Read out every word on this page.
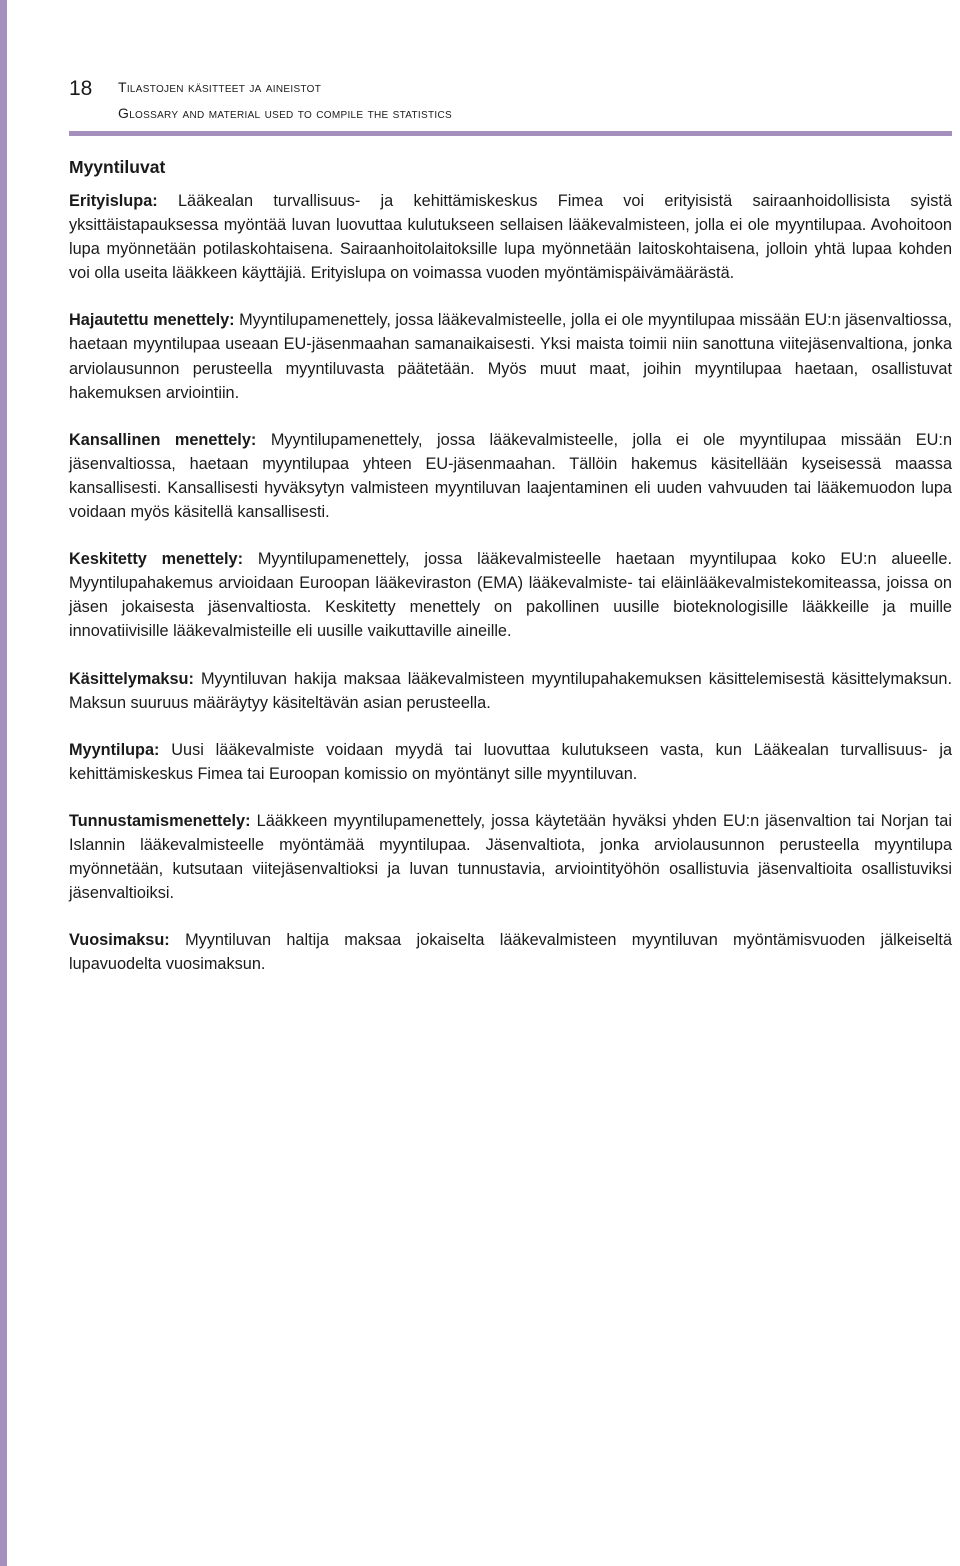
18 Tilastojen käsitteet ja aineistot
Glossary and material used to compile the statistics
Myyntiluvat

Erityislupa: Lääkealan turvallisuus- ja kehittämiskeskus Fimea voi erityisistä sairaanhoidollisista syistä yksittäistapauksessa myöntää luvan luovuttaa kulutukseen sellaisen lääkevalmisteen, jolla ei ole myyntilupaa. Avohoitoon lupa myönnetään potilaskohtaisena. Sairaanhoitolaitoksille lupa myönnetään laitoskohtaisena, jolloin yhtä lupaa kohden voi olla useita lääkkeen käyttäjiä. Erityislupa on voimassa vuoden myöntämispäivämäärästä.

Hajautettu menettely: Myyntilupamenettely, jossa lääkevalmisteelle, jolla ei ole myyntilupaa missään EU:n jäsenvaltiossa, haetaan myyntilupaa useaan EU-jäsenmaahan samanaikaisesti. Yksi maista toimii niin sanottuna viitejäsenvaltiona, jonka arviolausunnon perusteella myyntiluvasta päätetään. Myös muut maat, joihin myyntilupaa haetaan, osallistuvat hakemuksen arviointiin.

Kansallinen menettely: Myyntilupamenettely, jossa lääkevalmisteelle, jolla ei ole myyntilupaa missään EU:n jäsenvaltiossa, haetaan myyntilupaa yhteen EU-jäsenmaahan. Tällöin hakemus käsitellään kyseisessä maassa kansallisesti. Kansallisesti hyväksytyn valmisteen myyntiluvan laajentaminen eli uuden vahvuuden tai lääkemuodon lupa voidaan myös käsitellä kansallisesti.

Keskitetty menettely: Myyntilupamenettely, jossa lääkevalmisteelle haetaan myyntilupaa koko EU:n alueelle. Myyntilupahakemus arvioidaan Euroopan lääkeviraston (EMA) lääkevalmiste- tai eläinlääkevalmistekomiteassa, joissa on jäsen jokaisesta jäsenvaltiosta. Keskitetty menettely on pakollinen uusille bioteknologisille lääkkeille ja muille innovatiivisille lääkevalmisteille eli uusille vaikuttaville aineille.

Käsittelymaksu: Myyntiluvan hakija maksaa lääkevalmisteen myyntilupahakemuksen käsittelemisestä käsittelymaksun. Maksun suuruus määräytyy käsiteltävän asian perusteella.

Myyntilupa: Uusi lääkevalmiste voidaan myydä tai luovuttaa kulutukseen vasta, kun Lääkealan turvallisuus- ja kehittämiskeskus Fimea tai Euroopan komissio on myöntänyt sille myyntiluvan.

Tunnustamismenettely: Lääkkeen myyntilupamenettely, jossa käytetään hyväksi yhden EU:n jäsenvaltion tai Norjan tai Islannin lääkevalmisteelle myöntämää myyntilupaa. Jäsenvaltiota, jonka arviolausunnon perusteella myyntilupa myönnetään, kutsutaan viitejäsenvaltioksi ja luvan tunnustavia, arviointityöhön osallistuvia jäsenvaltioita osallistuviksi jäsenvaltioiksi.

Vuosimaksu: Myyntiluvan haltija maksaa jokaiselta lääkevalmisteen myyntiluvan myöntämisvuoden jälkeiseltä lupavuodelta vuosimaksun.
